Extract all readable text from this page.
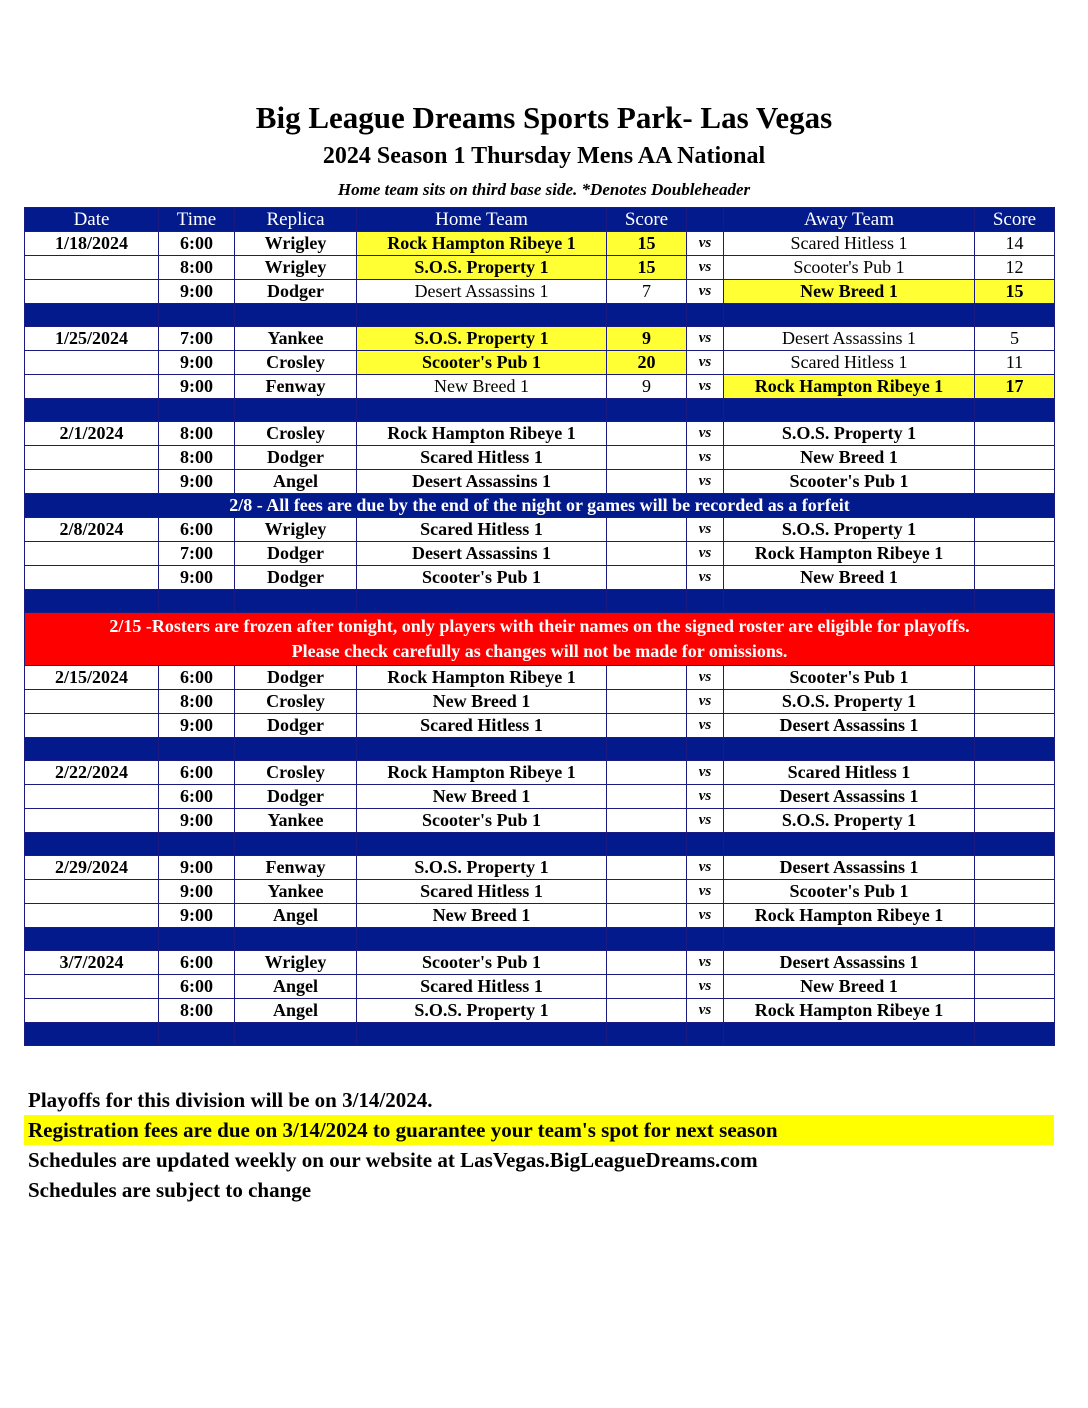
Big League Dreams Sports Park- Las Vegas
2024 Season 1 Thursday Mens AA National
Home team sits on third base side. *Denotes Doubleheader
Date	Time	Replica	Home Team	Score		Away Team	Score
1/18/2024	6:00	Wrigley	Rock Hampton Ribeye 1	15	vs	Scared Hitless 1	14
	8:00	Wrigley	S.O.S. Property 1	15	vs	Scooter's Pub 1	12
	9:00	Dodger	Desert Assassins 1	7	vs	New Breed 1	15

1/25/2024	7:00	Yankee	S.O.S. Property 1	9	vs	Desert Assassins 1	5
	9:00	Crosley	Scooter's Pub 1	20	vs	Scared Hitless 1	11
	9:00	Fenway	New Breed 1	9	vs	Rock Hampton Ribeye 1	17

2/1/2024	8:00	Crosley	Rock Hampton Ribeye 1		vs	S.O.S. Property 1	
	8:00	Dodger	Scared Hitless 1		vs	New Breed 1	
	9:00	Angel	Desert Assassins 1		vs	Scooter's Pub 1	
2/8 - All fees are due by the end of the night or games will be recorded as a forfeit							
2/8/2024	6:00	Wrigley	Scared Hitless 1		vs	S.O.S. Property 1	
	7:00	Dodger	Desert Assassins 1		vs	Rock Hampton Ribeye 1	
	9:00	Dodger	Scooter's Pub 1		vs	New Breed 1	

2/15 -Rosters are frozen after tonight, only players with their names on the signed roster are eligible for playoffs.
Please check carefully as changes will not be made for omissions.							

2/15/2024	6:00	Dodger	Rock Hampton Ribeye 1		vs	Scooter's Pub 1	
	8:00	Crosley	New Breed 1		vs	S.O.S. Property 1	
	9:00	Dodger	Scared Hitless 1		vs	Desert Assassins 1	

2/22/2024	6:00	Crosley	Rock Hampton Ribeye 1		vs	Scared Hitless 1	
	6:00	Dodger	New Breed 1		vs	Desert Assassins 1	
	9:00	Yankee	Scooter's Pub 1		vs	S.O.S. Property 1	

2/29/2024	9:00	Fenway	S.O.S. Property 1		vs	Desert Assassins 1	
	9:00	Yankee	Scared Hitless 1		vs	Scooter's Pub 1	
	9:00	Angel	New Breed 1		vs	Rock Hampton Ribeye 1	

3/7/2024	6:00	Wrigley	Scooter's Pub 1		vs	Desert Assassins 1	
	6:00	Angel	Scared Hitless 1		vs	New Breed 1	
	8:00	Angel	S.O.S. Property 1		vs	Rock Hampton Ribeye 1	

Playoffs for this division will be on 3/14/2024.
Registration fees are due on 3/14/2024 to guarantee your team's spot for next season
Schedules are updated weekly on our website at LasVegas.BigLeagueDreams.com
Schedules are subject to change
